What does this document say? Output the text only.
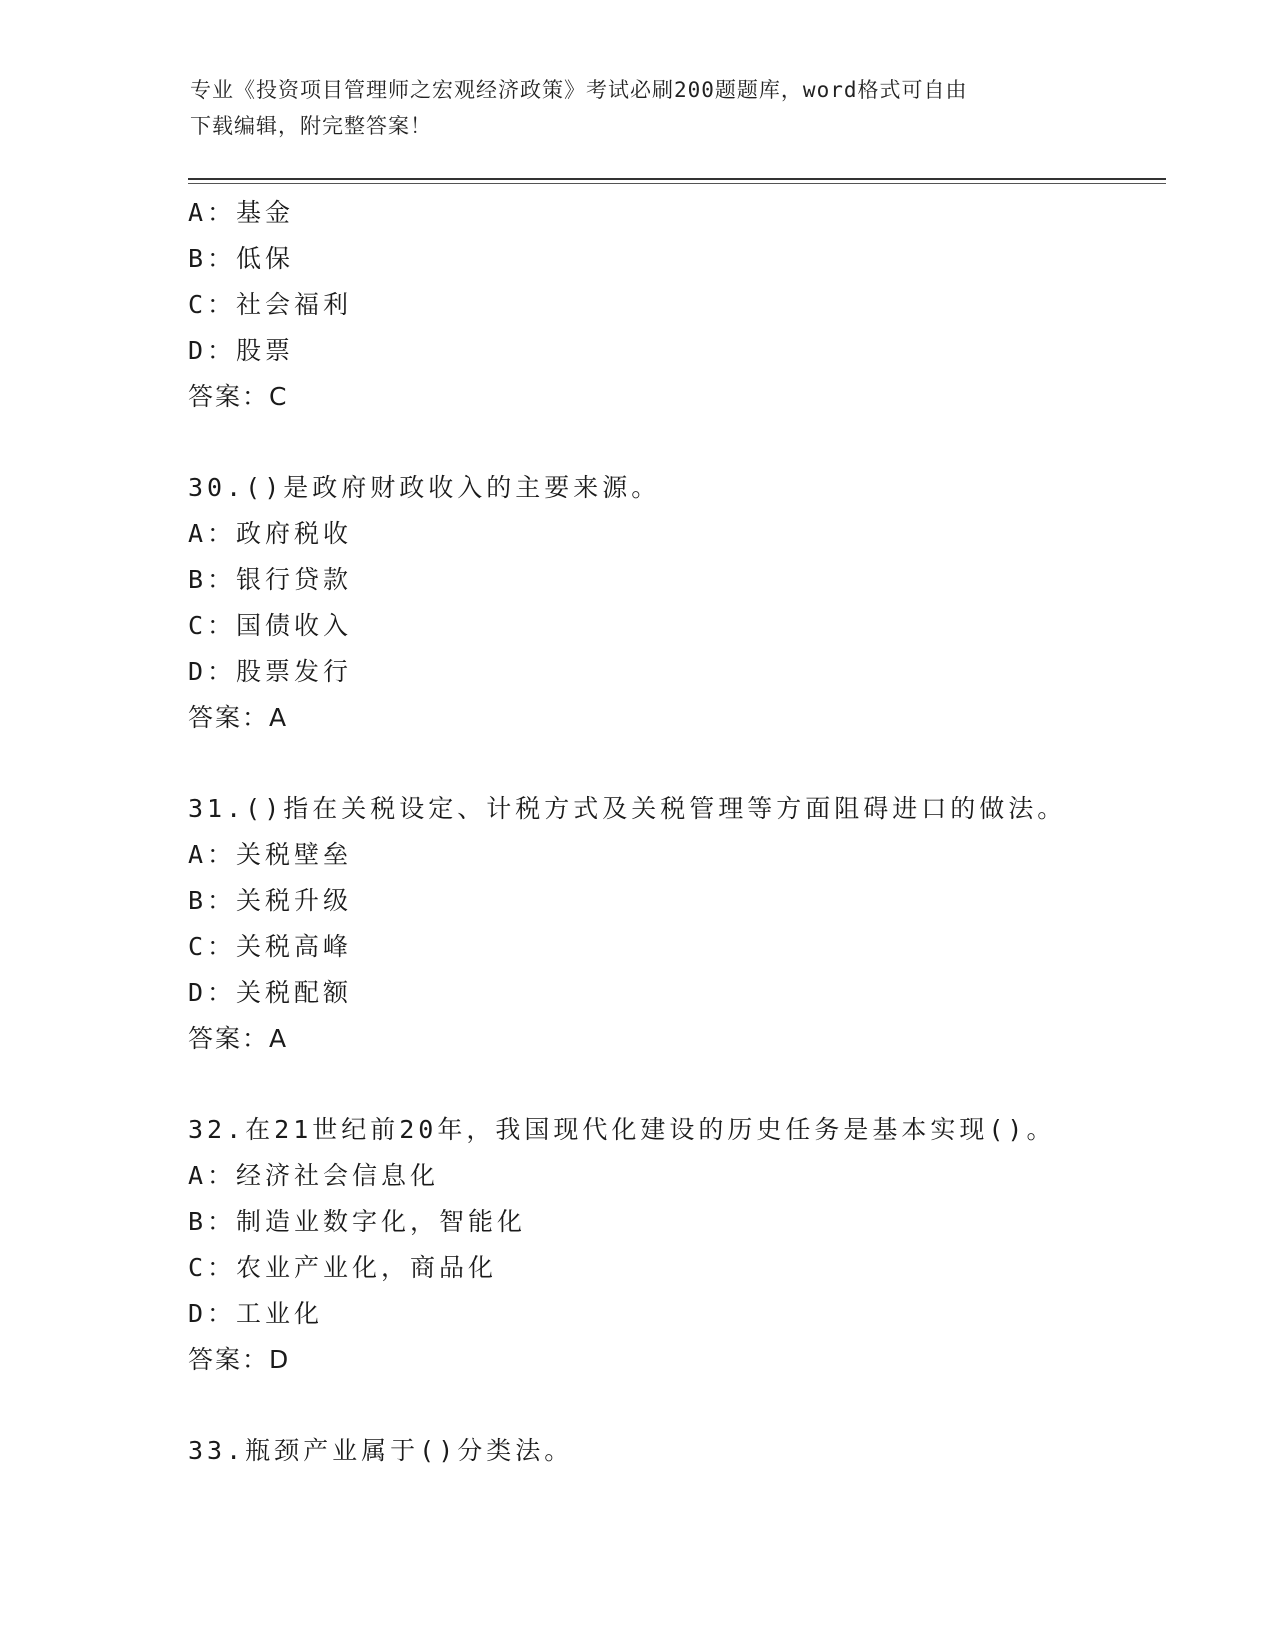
专业《投资项目管理师之宏观经济政策》考试必刷200题题库，word格式可自由
下载编辑，附完整答案！
A：基金
B：低保
C：社会福利
D：股票
答案：C
30.()是政府财政收入的主要来源。
A：政府税收
B：银行贷款
C：国债收入
D：股票发行
答案：A
31.()指在关税设定、计税方式及关税管理等方面阻碍进口的做法。
A：关税壁垒
B：关税升级
C：关税高峰
D：关税配额
答案：A
32.在21世纪前20年，我国现代化建设的历史任务是基本实现()。
A：经济社会信息化
B：制造业数字化，智能化
C：农业产业化，商品化
D：工业化
答案：D
33.瓶颈产业属于()分类法。
